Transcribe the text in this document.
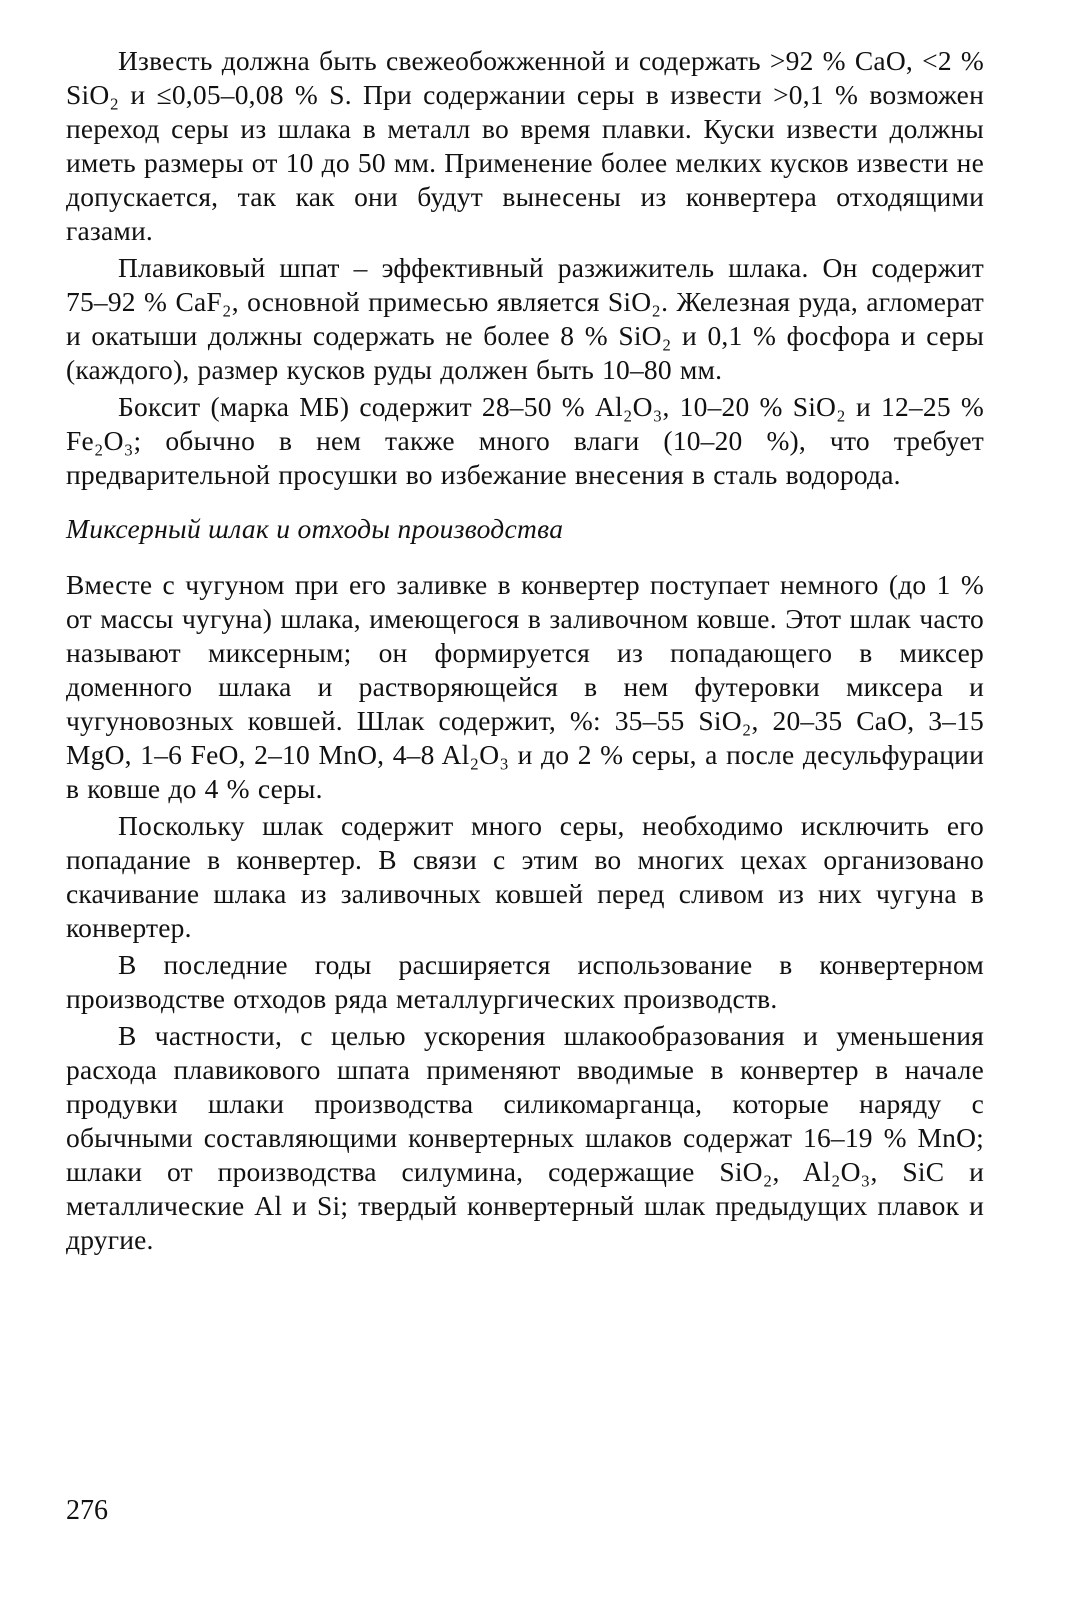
Известь должна быть свежеобожженной и содержать >92 % CaO, <2 % SiO₂ и ≤0,05–0,08 % S. При содержании серы в извести >0,1 % возможен переход серы из шлака в металл во время плавки. Куски извести должны иметь размеры от 10 до 50 мм. Применение более мелких кусков извести не допускается, так как они будут вынесены из конвертера отходящими газами.

Плавиковый шпат – эффективный разжижитель шлака. Он содержит 75–92 % CaF₂, основной примесью является SiO₂. Железная руда, агломерат и окатыши должны содержать не более 8 % SiO₂ и 0,1 % фосфора и серы (каждого), размер кусков руды должен быть 10–80 мм.

Боксит (марка МБ) содержит 28–50 % Al₂O₃, 10–20 % SiO₂ и 12–25 % Fe₂O₃; обычно в нем также много влаги (10–20 %), что требует предварительной просушки во избежание внесения в сталь водорода.

Миксерный шлак и отходы производства

Вместе с чугуном при его заливке в конвертер поступает немного (до 1 % от массы чугуна) шлака, имеющегося в заливочном ковше. Этот шлак часто называют миксерным; он формируется из попадающего в миксер доменного шлака и растворяющейся в нем футеровки миксера и чугуновозных ковшей. Шлак содержит, %: 35–55 SiO₂, 20–35 CaO, 3–15 MgO, 1–6 FeO, 2–10 MnO, 4–8 Al₂O₃ и до 2 % серы, а после десульфурации в ковше до 4 % серы.

Поскольку шлак содержит много серы, необходимо исключить его попадание в конвертер. В связи с этим во многих цехах организовано скачивание шлака из заливочных ковшей перед сливом из них чугуна в конвертер.

В последние годы расширяется использование в конвертерном производстве отходов ряда металлургических производств.

В частности, с целью ускорения шлакообразования и уменьшения расхода плавикового шпата применяют вводимые в конвертер в начале продувки шлаки производства силикомарганца, которые наряду с обычными составляющими конвертерных шлаков содержат 16–19 % MnO; шлаки от производства силумина, содержащие SiO₂, Al₂O₃, SiC и металлические Al и Si; твердый конвертерный шлак предыдущих плавок и другие.

276
